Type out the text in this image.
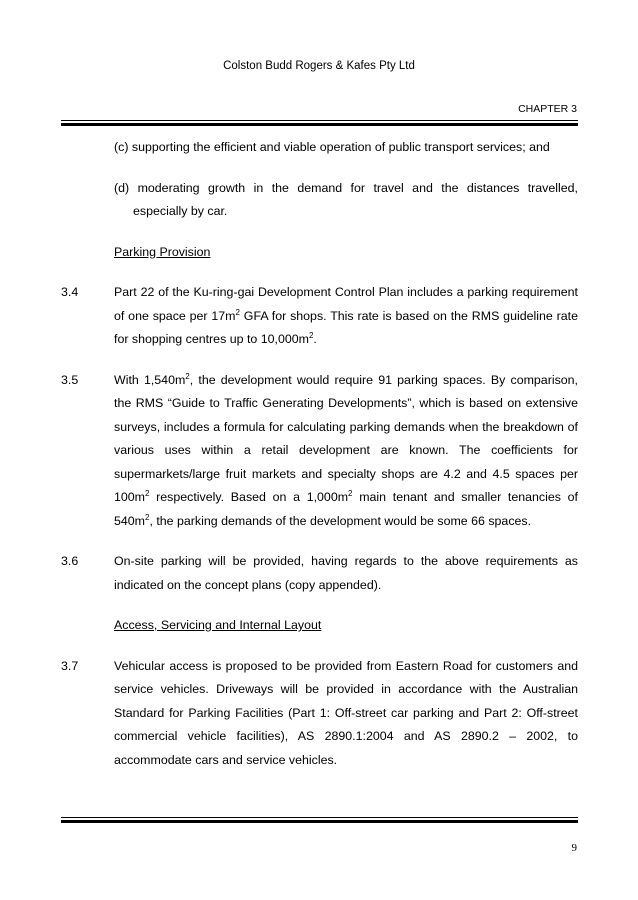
Colston Budd Rogers & Kafes Pty Ltd
CHAPTER 3
(c) supporting the efficient and viable operation of public transport services; and
(d) moderating growth in the demand for travel and the distances travelled, especially by car.
Parking Provision
3.4	Part 22 of the Ku-ring-gai Development Control Plan includes a parking requirement of one space per $17m^2$ GFA for shops. This rate is based on the RMS guideline rate for shopping centres up to $10,000m^2$.
3.5	With $1,540m^2$, the development would require 91 parking spaces. By comparison, the RMS “Guide to Traffic Generating Developments”, which is based on extensive surveys, includes a formula for calculating parking demands when the breakdown of various uses within a retail development are known. The coefficients for supermarkets/large fruit markets and specialty shops are 4.2 and 4.5 spaces per $100m^2$ respectively. Based on a $1,000m^2$ main tenant and smaller tenancies of $540m^2$, the parking demands of the development would be some 66 spaces.
3.6	On-site parking will be provided, having regards to the above requirements as indicated on the concept plans (copy appended).
Access, Servicing and Internal Layout
3.7	Vehicular access is proposed to be provided from Eastern Road for customers and service vehicles. Driveways will be provided in accordance with the Australian Standard for Parking Facilities (Part 1: Off-street car parking and Part 2: Off-street commercial vehicle facilities), AS 2890.1:2004 and AS 2890.2 – 2002, to accommodate cars and service vehicles.
9
